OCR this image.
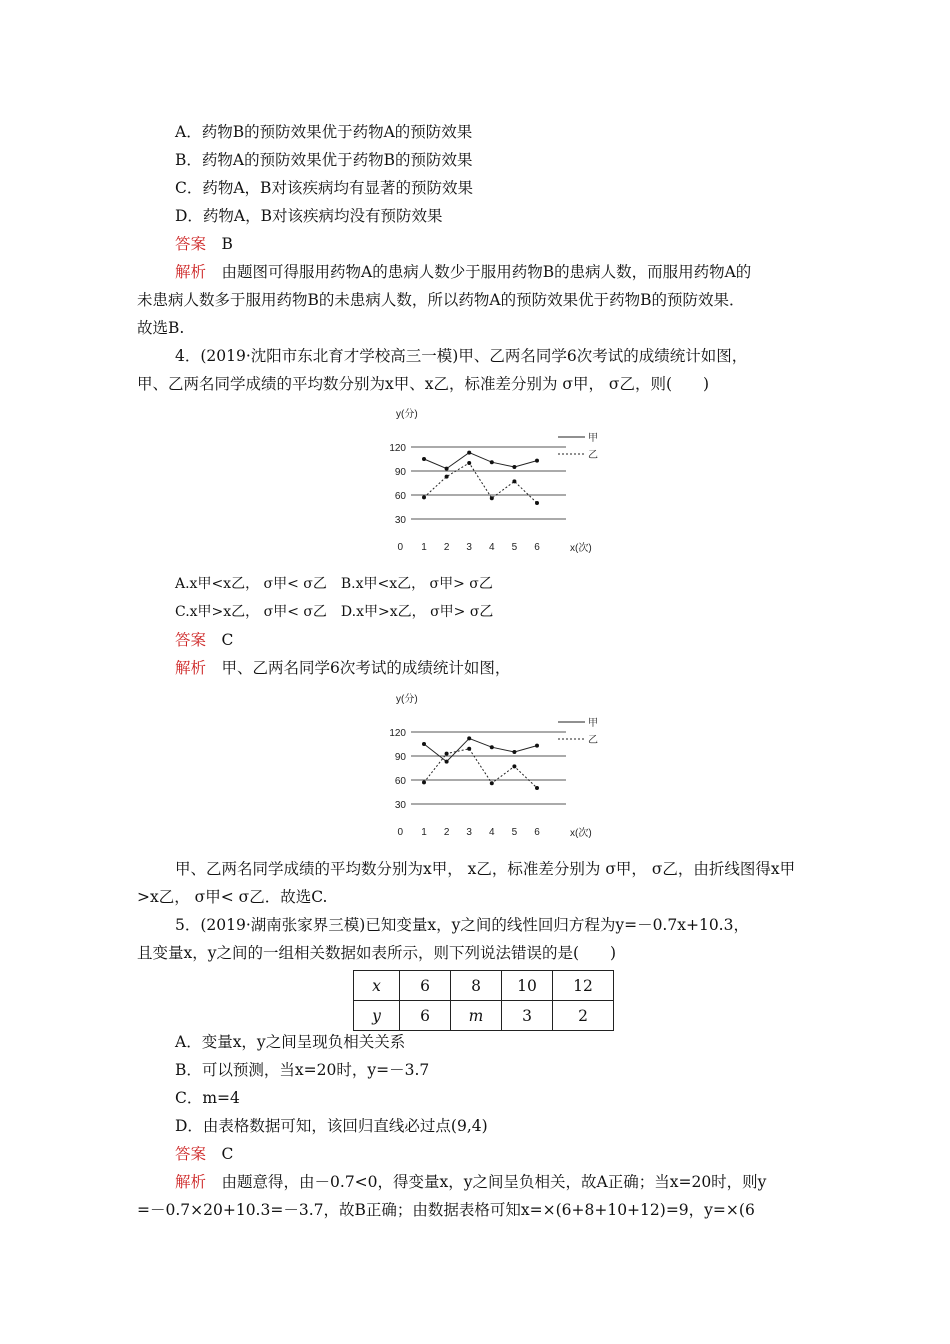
A．药物B的预防效果优于药物A的预防效果
B．药物A的预防效果优于药物B的预防效果
C．药物A，B对该疾病均有显著的预防效果
D．药物A，B对该疾病均没有预防效果
答案　 B
解析　 由题图可得服用药物A的患病人数少于服用药物B的患病人数，而服用药物A的
未患病人数多于服用药物B的未患病人数，所以药物A的预防效果优于药物B的预防效果．
故选B.
4．(2019·沈阳市东北育才学校高三一模)甲、乙两名同学6次考试的成绩统计如图，
甲、乙两名同学成绩的平均数分别为x甲、x乙，标准差分别为 σ甲， σ乙，则(　　)
y(分)
0
30
60
90
120
1 2 3 4 5 6	x(次)
甲
乙
A.x甲<x乙， σ甲< σ乙　B.x甲<x乙， σ甲> σ乙
C.x甲>x乙， σ甲< σ乙　D.x甲>x乙， σ甲> σ乙
答案　 C
解析　 甲、乙两名同学6次考试的成绩统计如图，
y(分)
0
30
60
90
120
1 2 3 4 5 6	x(次)
甲
乙
甲、乙两名同学成绩的平均数分别为x甲， x乙，标准差分别为 σ甲， σ乙，由折线图得x甲
>x乙， σ甲< σ乙．故选C.
5．(2019·湖南张家界三模)已知变量x，y之间的线性回归方程为y=－0.7x+10.3，
且变量x，y之间的一组相关数据如表所示，则下列说法错误的是(　　)
x	6	8	10	12
y	6	m	3	2
A．变量x，y之间呈现负相关关系
B．可以预测，当x=20时，y=－3.7
C．m=4
D．由表格数据可知，该回归直线必过点(9,4)
答案　 C
解析　 由题意得，由－0.7<0，得变量x，y之间呈负相关，故A正确；当x=20时，则y
=－0.7×20+10.3=－3.7，故B正确；由数据表格可知x=×(6+8+10+12)=9，y=×(6
